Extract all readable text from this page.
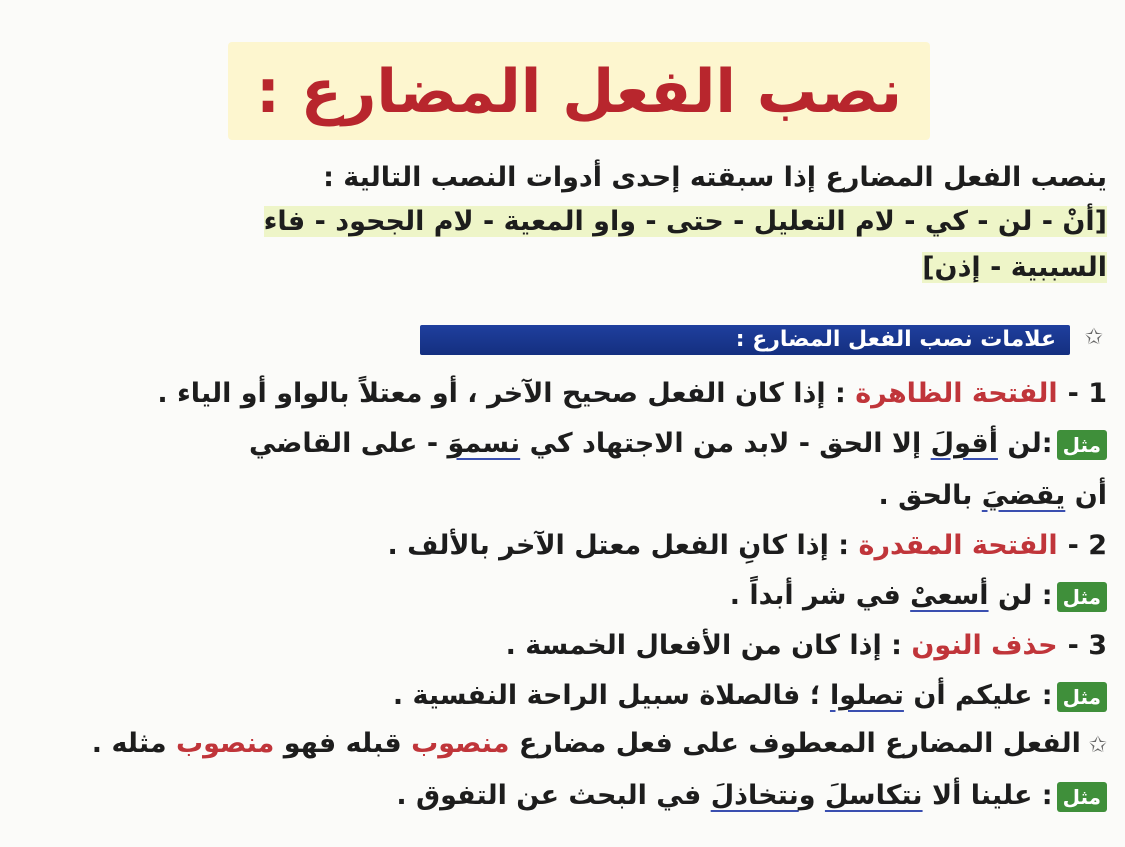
نصب الفعل المضارع :
ينصب الفعل المضارع إذا سبقته إحدى أدوات النصب التالية :
[أنْ - لن - كي - لام التعليل - حتى - واو المعية - لام الجحود - فاء
السببية - إذن]
✩
علامات نصب الفعل المضارع :
1 -الفتحة الظاهرة : إذا كان الفعل صحيح الآخر ، أو معتلاً بالواو أو الياء .
مثل:لن أقولَ إلا الحق - لابد من الاجتهاد كي نسموَ - على القاضي
أن يقضيَ بالحق .
2 -الفتحة المقدرة : إذا كانِ الفعل معتل الآخر بالألف .
مثل: لن أسعىْ في شر أبداً .
3 -حذف النون : إذا كان من الأفعال الخمسة .
مثل: عليكم أن تصلوا ؛ فالصلاة سبيل الراحة النفسية .
✩ الفعل المضارع المعطوف على فعل مضارع منصوب قبله فهو منصوب مثله .
مثل: علينا ألا نتكاسلَ ونتخاذلَ في البحث عن التفوق .
